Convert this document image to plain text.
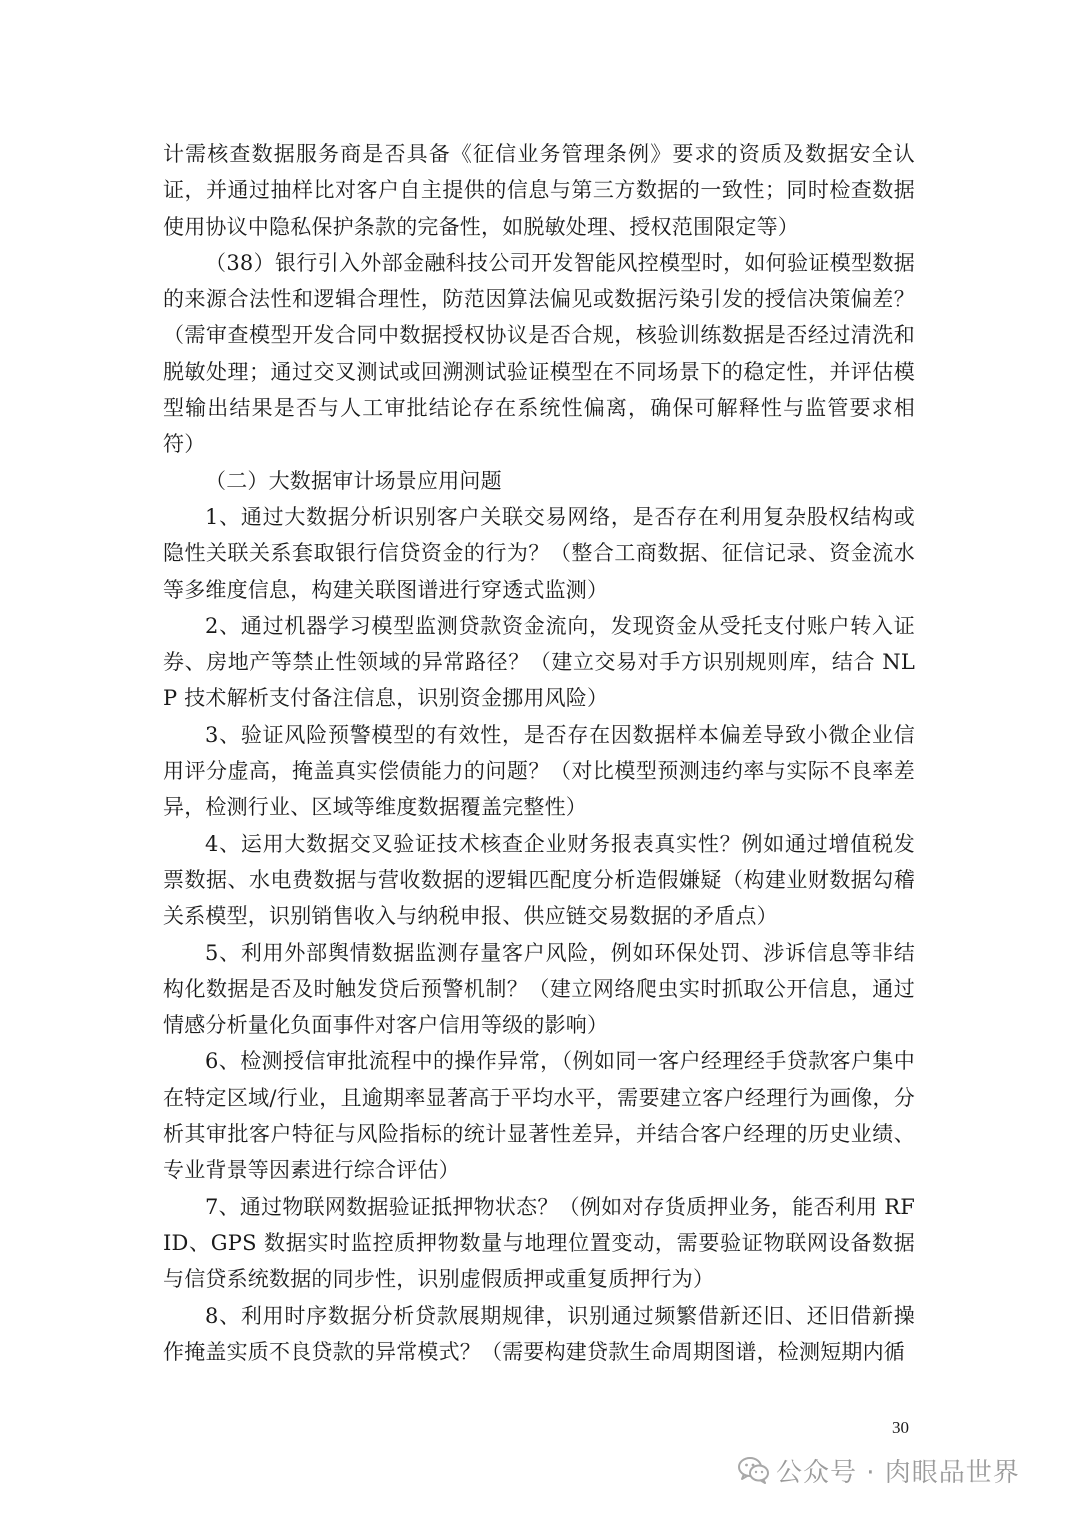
计需核查数据服务商是否具备《征信业务管理条例》要求的资质及数据安全认证，并通过抽样比对客户自主提供的信息与第三方数据的一致性；同时检查数据使用协议中隐私保护条款的完备性，如脱敏处理、授权范围限定等）

（38）银行引入外部金融科技公司开发智能风控模型时，如何验证模型数据的来源合法性和逻辑合理性，防范因算法偏见或数据污染引发的授信决策偏差？（需审查模型开发合同中数据授权协议是否合规，核验训练数据是否经过清洗和脱敏处理；通过交叉测试或回溯测试验证模型在不同场景下的稳定性，并评估模型输出结果是否与人工审批结论存在系统性偏离，确保可解释性与监管要求相符）

（二）大数据审计场景应用问题

1、通过大数据分析识别客户关联交易网络，是否存在利用复杂股权结构或隐性关联关系套取银行信贷资金的行为？（整合工商数据、征信记录、资金流水等多维度信息，构建关联图谱进行穿透式监测）

2、通过机器学习模型监测贷款资金流向，发现资金从受托支付账户转入证券、房地产等禁止性领域的异常路径？（建立交易对手方识别规则库，结合 NLP 技术解析支付备注信息，识别资金挪用风险）

3、验证风险预警模型的有效性，是否存在因数据样本偏差导致小微企业信用评分虚高，掩盖真实偿债能力的问题？（对比模型预测违约率与实际不良率差异，检测行业、区域等维度数据覆盖完整性）

4、运用大数据交叉验证技术核查企业财务报表真实性？例如通过增值税发票数据、水电费数据与营收数据的逻辑匹配度分析造假嫌疑（构建业财数据勾稽关系模型，识别销售收入与纳税申报、供应链交易数据的矛盾点）

5、利用外部舆情数据监测存量客户风险，例如环保处罚、涉诉信息等非结构化数据是否及时触发贷后预警机制？（建立网络爬虫实时抓取公开信息，通过情感分析量化负面事件对客户信用等级的影响）

6、检测授信审批流程中的操作异常，（例如同一客户经理经手贷款客户集中在特定区域/行业，且逾期率显著高于平均水平，需要建立客户经理行为画像，分析其审批客户特征与风险指标的统计显著性差异，并结合客户经理的历史业绩、专业背景等因素进行综合评估）

7、通过物联网数据验证抵押物状态？（例如对存货质押业务，能否利用 RFID、GPS 数据实时监控质押物数量与地理位置变动，需要验证物联网设备数据与信贷系统数据的同步性，识别虚假质押或重复质押行为）

8、利用时序数据分析贷款展期规律，识别通过频繁借新还旧、还旧借新操作掩盖实质不良贷款的异常模式？（需要构建贷款生命周期图谱，检测短期内循

30
公众号 · 肉眼品世界
